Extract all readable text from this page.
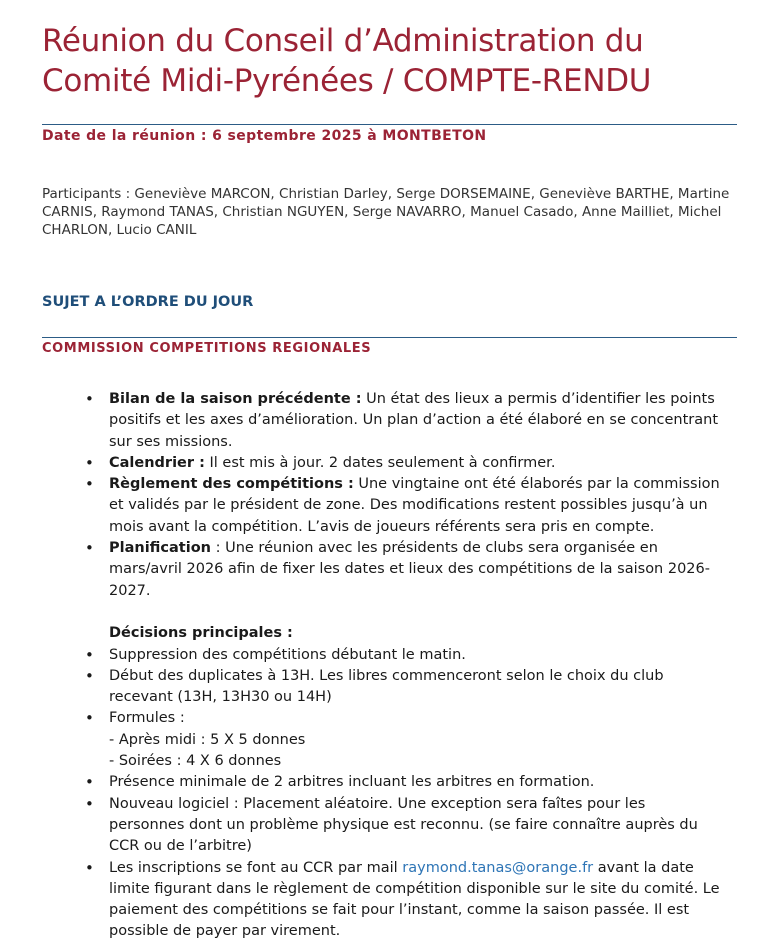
Réunion du Conseil d’Administration du Comité Midi-Pyrénées / COMPTE-RENDU

Date de la réunion : 6 septembre 2025 à MONTBETON

Participants : Geneviève MARCON, Christian Darley, Serge DORSEMAINE, Geneviève BARTHE, Martine CARNIS, Raymond TANAS, Christian NGUYEN, Serge NAVARRO, Manuel Casado, Anne Mailliet, Michel CHARLON, Lucio CANIL

SUJET A L’ORDRE DU JOUR
COMMISSION COMPETITIONS REGIONALES
• Bilan de la saison précédente : Un état des lieux a permis d’identifier les points positifs et les axes d’amélioration. Un plan d’action a été élaboré en se concentrant sur ses missions.
• Calendrier : Il est mis à jour. 2 dates seulement à confirmer.
• Règlement des compétitions : Une vingtaine ont été élaborés par la commission et validés par le président de zone. Des modifications restent possibles jusqu’à un mois avant la compétition. L’avis de joueurs référents sera pris en compte.
• Planification : Une réunion avec les présidents de clubs sera organisée en mars/avril 2026 afin de fixer les dates et lieux des compétitions de la saison 2026-2027.
Décisions principales :
• Suppression des compétitions débutant le matin.
• Début des duplicates à 13H. Les libres commenceront selon le choix du club recevant (13H, 13H30 ou 14H)
• Formules :
- Après midi : 5 X 5 donnes
- Soirées : 4 X 6 donnes
• Présence minimale de 2 arbitres incluant les arbitres en formation.
• Nouveau logiciel : Placement aléatoire. Une exception sera faîtes pour les personnes dont un problème physique est reconnu. (se faire connaître auprès du CCR ou de l’arbitre)
• Les inscriptions se font au CCR par mail raymond.tanas@orange.fr avant la date limite figurant dans le règlement de compétition disponible sur le site du comité. Le paiement des compétitions se fait pour l’instant, comme la saison passée. Il est possible de payer par virement.
